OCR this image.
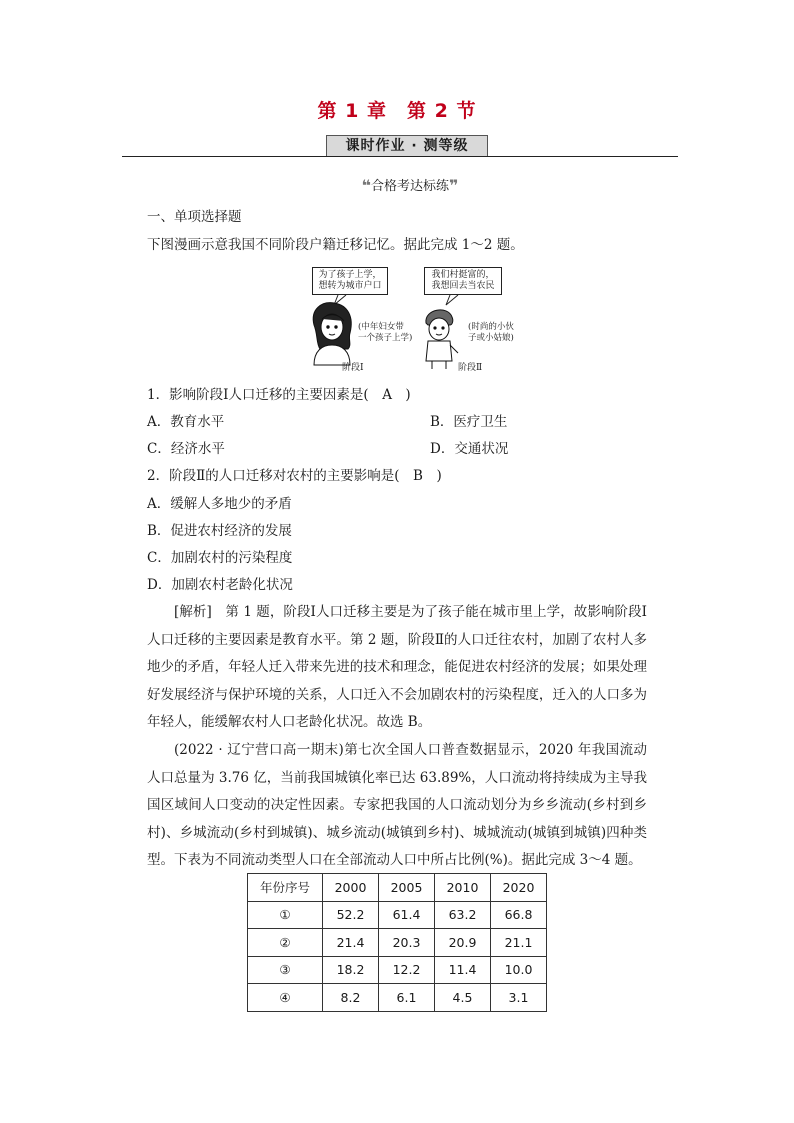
第 1 章　第 2 节
课时作业 · 测等级
❝合格考达标练❞
一、单项选择题
下图漫画示意我国不同阶段户籍迁移记忆。据此完成 1～2 题。
为了孩子上学，想转为城市户口
(中年妇女带
一个孩子上学)
阶段Ⅰ
我们村挺富的，我想回去当农民
(时尚的小伙
子或小姑娘)
阶段Ⅱ
1．影响阶段Ⅰ人口迁移的主要因素是(　A　)
A．教育水平	B．医疗卫生
C．经济水平	D．交通状况
2．阶段Ⅱ的人口迁移对农村的主要影响是(　B　)
A．缓解人多地少的矛盾
B．促进农村经济的发展
C．加剧农村的污染程度
D．加剧农村老龄化状况
[解析]　第 1 题，阶段Ⅰ人口迁移主要是为了孩子能在城市里上学，故影响阶段Ⅰ人口迁移的主要因素是教育水平。第 2 题，阶段Ⅱ的人口迁往农村，加剧了农村人多地少的矛盾，年轻人迁入带来先进的技术和理念，能促进农村经济的发展；如果处理好发展经济与保护环境的关系，人口迁入不会加剧农村的污染程度，迁入的人口多为年轻人，能缓解农村人口老龄化状况。故选 B。
(2022 · 辽宁营口高一期末)第七次全国人口普查数据显示，2020 年我国流动人口总量为 3.76 亿，当前我国城镇化率已达 63.89%，人口流动将持续成为主导我国区域间人口变动的决定性因素。专家把我国的人口流动划分为乡乡流动(乡村到乡村)、乡城流动(乡村到城镇)、城乡流动(城镇到乡村)、城城流动(城镇到城镇)四种类型。下表为不同流动类型人口在全部流动人口中所占比例(%)。据此完成 3～4 题。
年份序号	2000	2005	2010	2020
①	52.2	61.4	63.2	66.8
②	21.4	20.3	20.9	21.1
③	18.2	12.2	11.4	10.0
④	8.2	6.1	4.5	3.1
